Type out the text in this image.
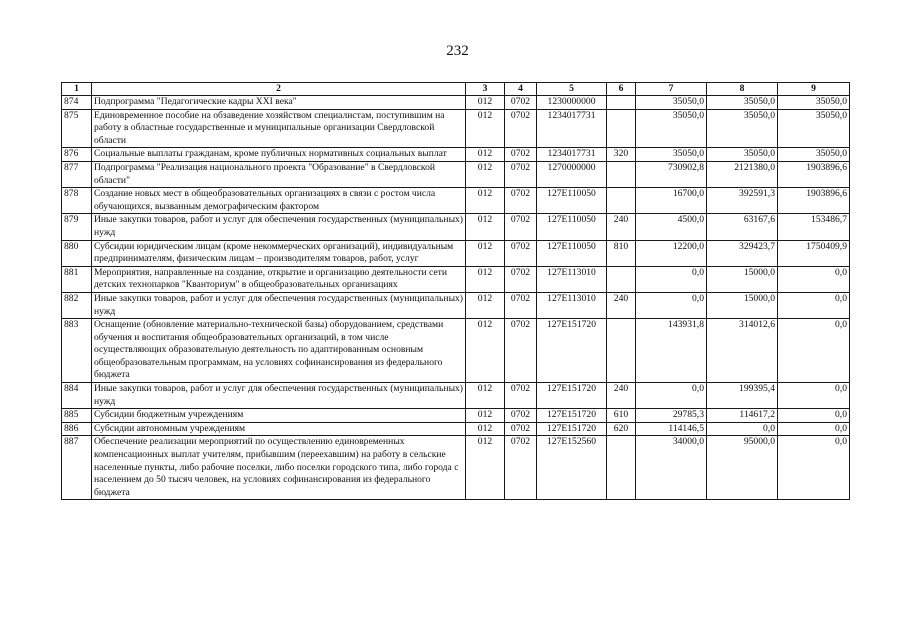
232
1	2	3	4	5	6	7	8	9
874	Подпрограмма "Педагогические кадры XXI века"	012	0702	1230000000		35050,0	35050,0	35050,0
875	Единовременное пособие на обзаведение хозяйством специалистам, поступившим на работу в областные государственные и муниципальные организации Свердловской области	012	0702	1234017731		35050,0	35050,0	35050,0
876	Социальные выплаты гражданам, кроме публичных нормативных социальных выплат	012	0702	1234017731	320	35050,0	35050,0	35050,0
877	Подпрограмма "Реализация национального проекта "Образование" в Свердловской области"	012	0702	1270000000		730902,8	2121380,0	1903896,6
878	Создание новых мест в общеобразовательных организациях в связи с ростом числа обучающихся, вызванным демографическим фактором	012	0702	127E110050		16700,0	392591,3	1903896,6
879	Иные закупки товаров, работ и услуг для обеспечения государственных (муниципальных) нужд	012	0702	127E110050	240	4500,0	63167,6	153486,7
880	Субсидии юридическим лицам (кроме некоммерческих организаций), индивидуальным предпринимателям, физическим лицам – производителям товаров, работ, услуг	012	0702	127E110050	810	12200,0	329423,7	1750409,9
881	Мероприятия, направленные на создание, открытие и организацию деятельности сети детских технопарков "Кванториум" в общеобразовательных организациях	012	0702	127E113010		0,0	15000,0	0,0
882	Иные закупки товаров, работ и услуг для обеспечения государственных (муниципальных) нужд	012	0702	127E113010	240	0,0	15000,0	0,0
883	Оснащение (обновление материально-технической базы) оборудованием, средствами обучения и воспитания общеобразовательных организаций, в том числе осуществляющих образовательную деятельность по адаптированным основным общеобразовательным программам, на условиях софинансирования из федерального бюджета	012	0702	127E151720		143931,8	314012,6	0,0
884	Иные закупки товаров, работ и услуг для обеспечения государственных (муниципальных) нужд	012	0702	127E151720	240	0,0	199395,4	0,0
885	Субсидии бюджетным учреждениям	012	0702	127E151720	610	29785,3	114617,2	0,0
886	Субсидии автономным учреждениям	012	0702	127E151720	620	114146,5	0,0	0,0
887	Обеспечение реализации мероприятий по осуществлению единовременных компенсационных выплат учителям, прибывшим (переехавшим) на работу в сельские населенные пункты, либо рабочие поселки, либо поселки городского типа, либо города с населением до 50 тысяч человек, на условиях софинансирования из федерального бюджета	012	0702	127E152560		34000,0	95000,0	0,0
